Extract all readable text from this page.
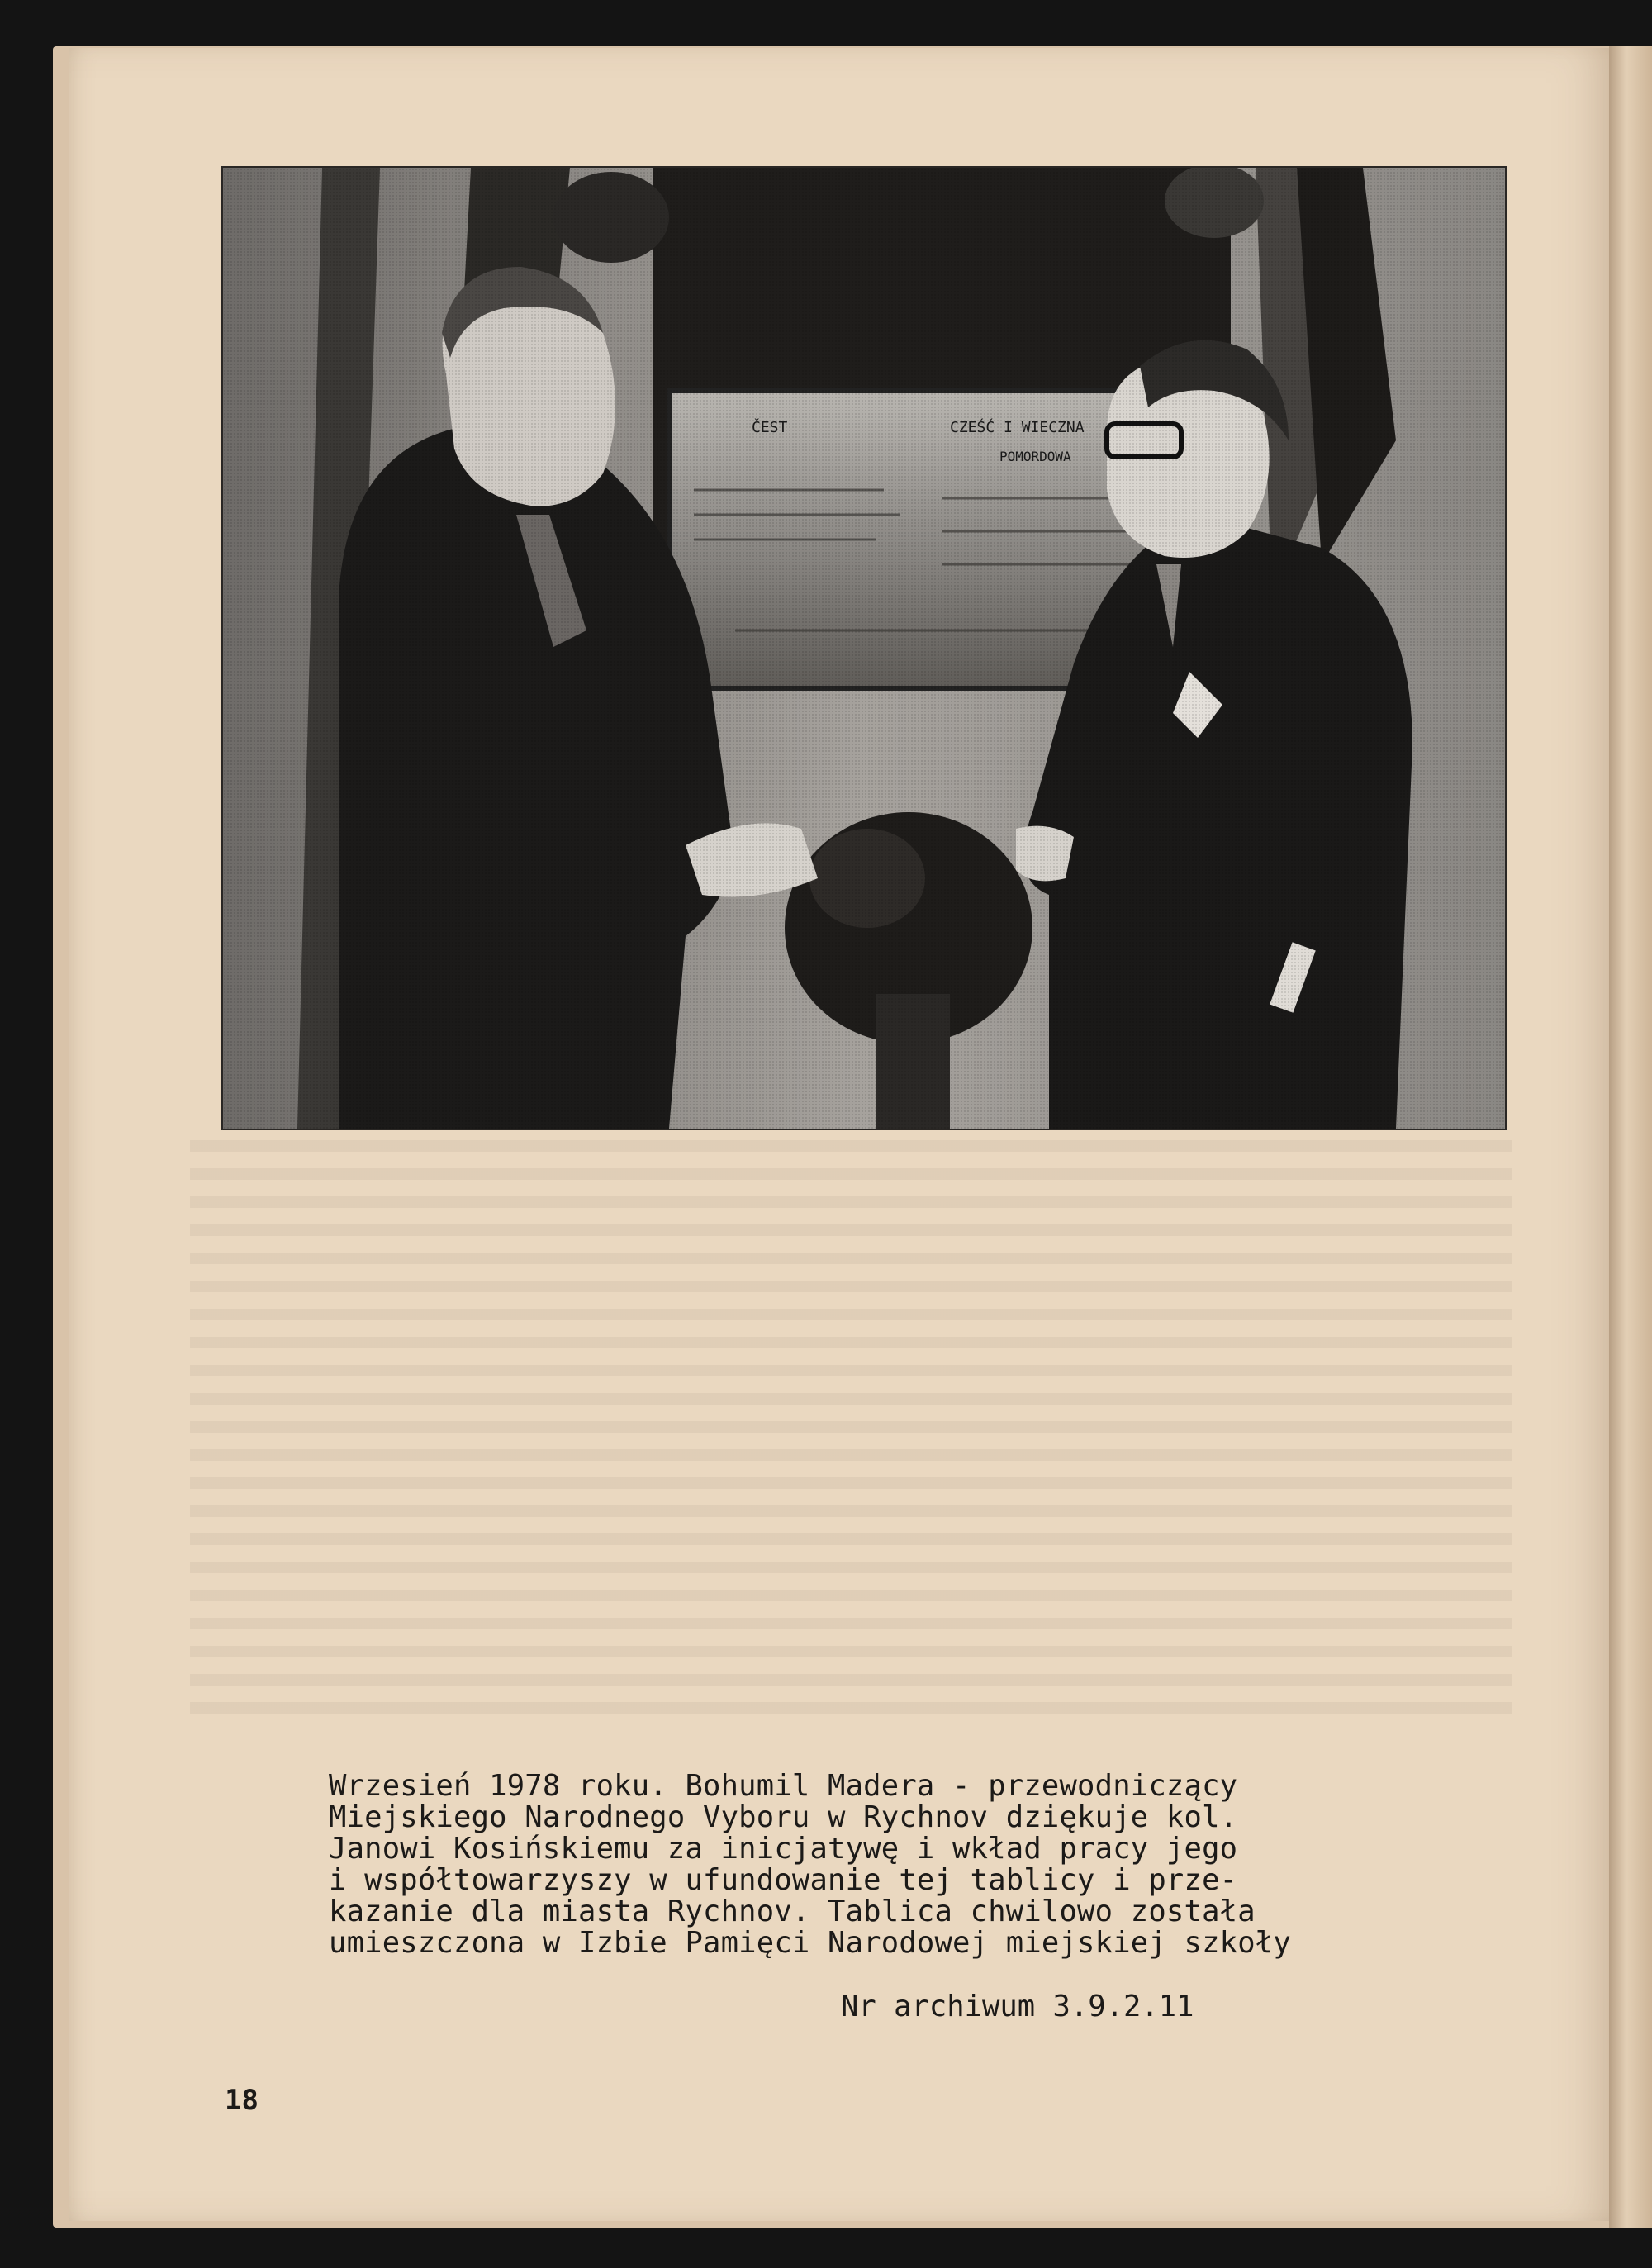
Wrzesień 1978 roku. Bohumil Madera - przewodniczący
Miejskiego Narodnego Vyboru w Rychnov dziękuje kol.
Janowi Kosińskiemu za inicjatywę i wkład pracy jego
i współtowarzyszy w ufundowanie tej tablicy i prze-
kazanie dla miasta Rychnov. Tablica chwilowo została
umieszczona w Izbie Pamięci Narodowej miejskiej szkoły
Nr archiwum 3.9.2.11
18
